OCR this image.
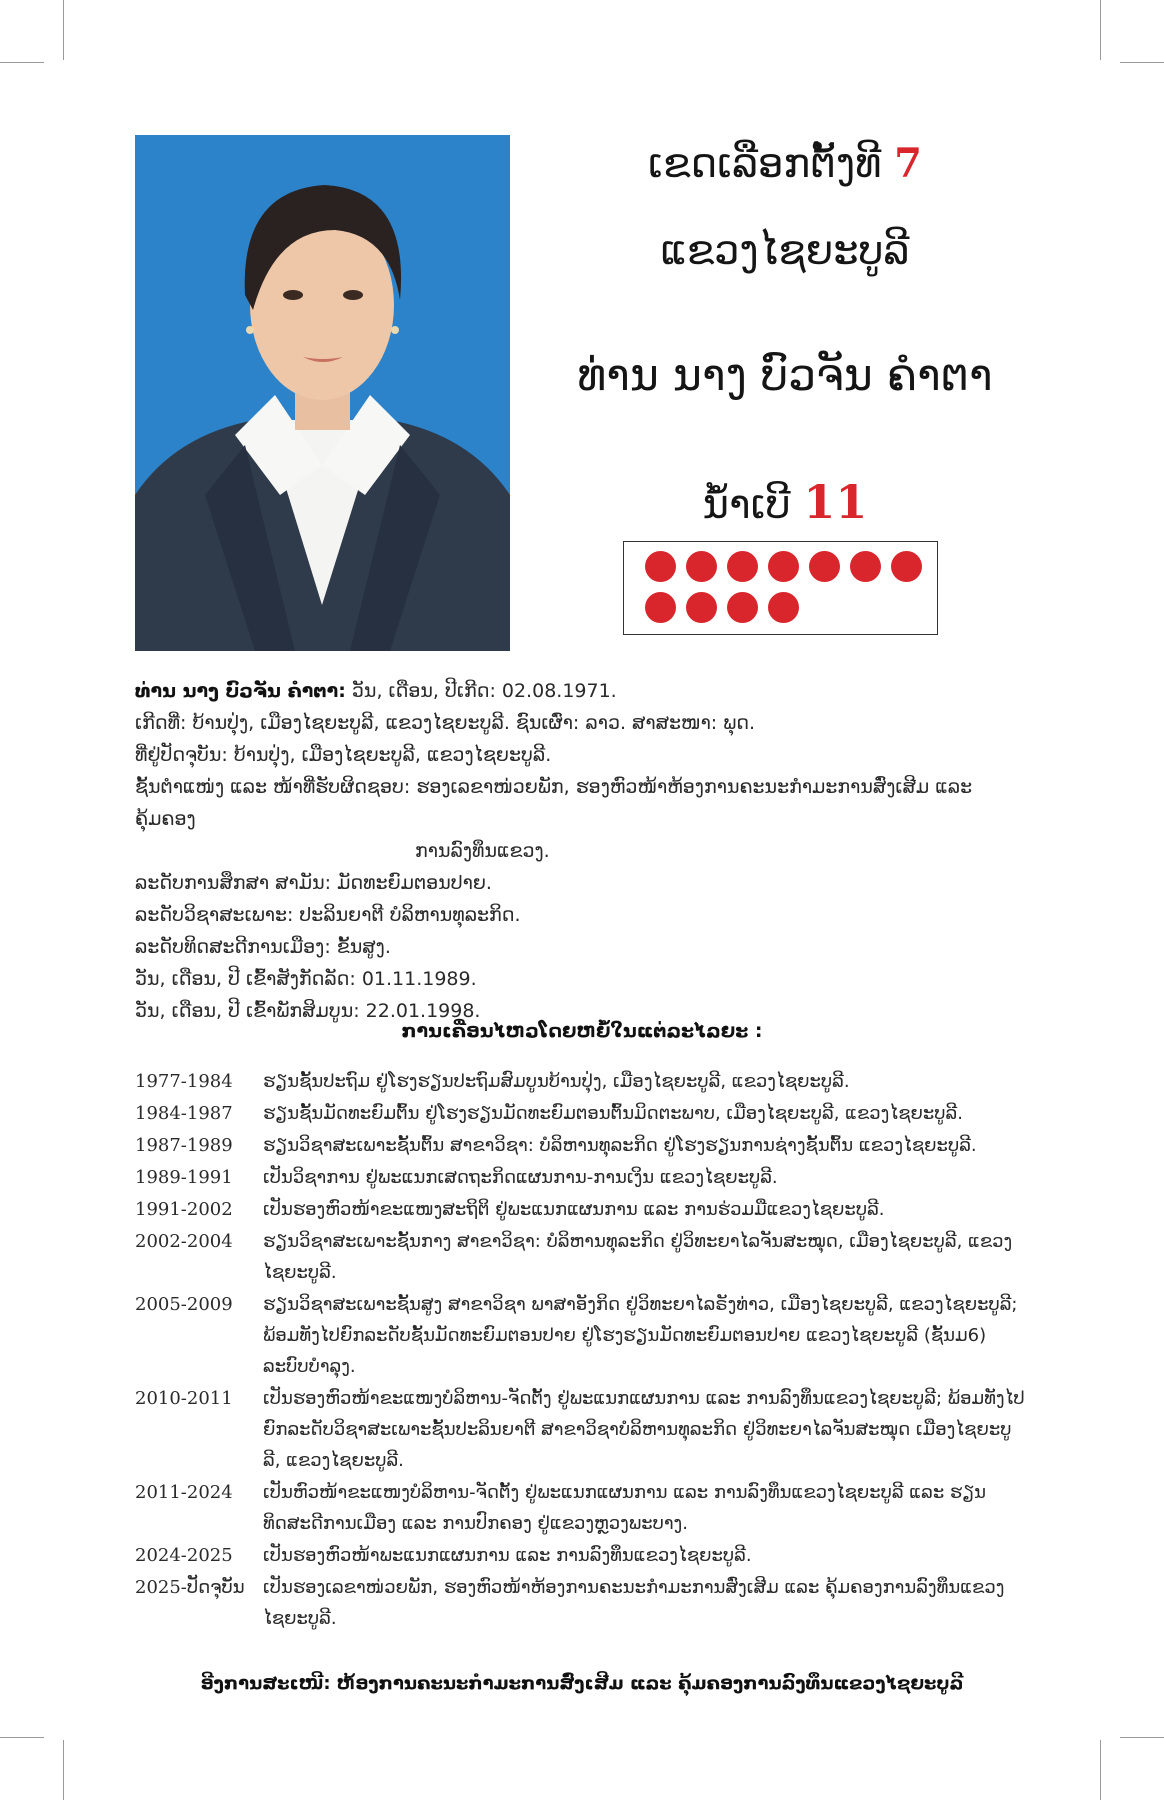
ເຂດເລືອກຕັ້ງທີ 7
ແຂວງໄຊຍະບູລີ
ທ່ານ ນາງ ບົວຈັນ ຄຳຕາ
ນໍ້າເບີ 11
ທ່ານ ນາງ ບົວຈັນ ຄຳຕາ: ວັນ, ເດືອນ, ປີເກີດ: 02.08.1971.
ເກີດທີ່: ບ້ານປຸ່ງ, ເມືອງໄຊຍະບູລີ, ແຂວງໄຊຍະບູລີ. ຊົນເຜົ່າ: ລາວ. ສາສະໜາ: ພຸດ.
ທີ່ຢູ່ປັດຈຸບັນ: ບ້ານປຸ່ງ, ເມືອງໄຊຍະບູລີ, ແຂວງໄຊຍະບູລີ.
ຊັ້ນຕຳແໜ່ງ ແລະ ໜ້າທີ່ຮັບຜິດຊອບ: ຮອງເລຂາໜ່ວຍພັກ, ຮອງຫົວໜ້າຫ້ອງການຄະນະກຳມະການສົ່ງເສີມ ແລະ ຄຸ້ມຄອງ
ການລົງທຶນແຂວງ.
ລະດັບການສຶກສາ ສາມັນ: ມັດທະຍົມຕອນປາຍ.
ລະດັບວິຊາສະເພາະ: ປະລິນຍາຕີ ບໍລິຫານທຸລະກິດ.
ລະດັບທິດສະດີການເມືອງ: ຂັ້ນສູງ.
ວັນ, ເດືອນ, ປີ ເຂົ້າສັງກັດລັດ: 01.11.1989.
ວັນ, ເດືອນ, ປີ ເຂົ້າພັກສິມບູນ: 22.01.1998.
ການເຄື່ອນໄຫວໂດຍຫຍໍ້ໃນແຕ່ລະໄລຍະ :
1977-1984	ຮຽນຊັ້ນປະຖົມ ຢູ່ໂຮງຮຽນປະຖົມສົມບູນບ້ານປຸ່ງ, ເມືອງໄຊຍະບູລີ, ແຂວງໄຊຍະບູລີ.
1984-1987	ຮຽນຊັ້ນມັດທະຍົມຕົ້ນ ຢູ່ໂຮງຮຽນມັດທະຍົມຕອນຕົ້ນມິດຕະພາບ, ເມືອງໄຊຍະບູລີ, ແຂວງໄຊຍະບູລີ.
1987-1989	ຮຽນວິຊາສະເພາະຊັ້ນຕົ້ນ ສາຂາວິຊາ: ບໍລິຫານທຸລະກິດ ຢູ່ໂຮງຮຽນການຊ່າງຊັ້ນຕົ້ນ ແຂວງໄຊຍະບູລີ.
1989-1991	ເປັນວິຊາການ ຢູ່ພະແນກເສດຖະກິດແຜນການ-ການເງິນ ແຂວງໄຊຍະບູລີ.
1991-2002	ເປັນຮອງຫົວໜ້າຂະແໜງສະຖິຕິ ຢູ່ພະແນກແຜນການ ແລະ ການຮ່ວມມືແຂວງໄຊຍະບູລີ.
2002-2004	ຮຽນວິຊາສະເພາະຊັ້ນກາງ ສາຂາວິຊາ: ບໍລິຫານທຸລະກິດ ຢູ່ວິທະຍາໄລຈັນສະໝຸດ, ເມືອງໄຊຍະບູລີ, ແຂວງໄຊຍະບູລີ.
2005-2009	ຮຽນວິຊາສະເພາະຊັ້ນສູງ ສາຂາວິຊາ ພາສາອັງກິດ ຢູ່ວິທະຍາໄລຣັງທ່າວ, ເມືອງໄຊຍະບູລີ, ແຂວງໄຊຍະບູລີ; ພ້ອມທັງໄປຍົກລະດັບຊັ້ນມັດທະຍົມຕອນປາຍ ຢູ່ໂຮງຮຽນມັດທະຍົມຕອນປາຍ ແຂວງໄຊຍະບູລີ (ຊັ້ນມ6) ລະບົບບຳລຸງ.
2010-2011	ເປັນຮອງຫົວໜ້າຂະແໜງບໍລິຫານ-ຈັດຕັ້ງ ຢູ່ພະແນກແຜນການ ແລະ ການລົງທຶນແຂວງໄຊຍະບູລີ; ພ້ອມທັງໄປຍົກລະດັບວິຊາສະເພາະຊັ້ນປະລິນຍາຕີ ສາຂາວິຊາບໍລິຫານທຸລະກິດ ຢູ່ວິທະຍາໄລຈັນສະໝຸດ ເມືອງໄຊຍະບູລີ, ແຂວງໄຊຍະບູລີ.
2011-2024	ເປັນຫົວໜ້າຂະແໜງບໍລິຫານ-ຈັດຕັ້ງ ຢູ່ພະແນກແຜນການ ແລະ ການລົງທຶນແຂວງໄຊຍະບູລີ ແລະ ຮຽນທິດສະດີການເມືອງ ແລະ ການປົກຄອງ ຢູ່ແຂວງຫຼວງພະບາງ.
2024-2025	ເປັນຮອງຫົວໜ້າພະແນກແຜນການ ແລະ ການລົງທຶນແຂວງໄຊຍະບູລີ.
2025-ປັດຈຸບັນ	ເປັນຮອງເລຂາໜ່ວຍພັກ, ຮອງຫົວໜ້າຫ້ອງການຄະນະກຳມະການສົ່ງເສີມ ແລະ ຄຸ້ມຄອງການລົງທຶນແຂວງໄຊຍະບູລີ.
ອີງການສະເໜີ: ຫ້ອງການຄະນະກຳມະການສົ່ງເສີມ ແລະ ຄຸ້ມຄອງການລົງທຶນແຂວງໄຊຍະບູລີ
